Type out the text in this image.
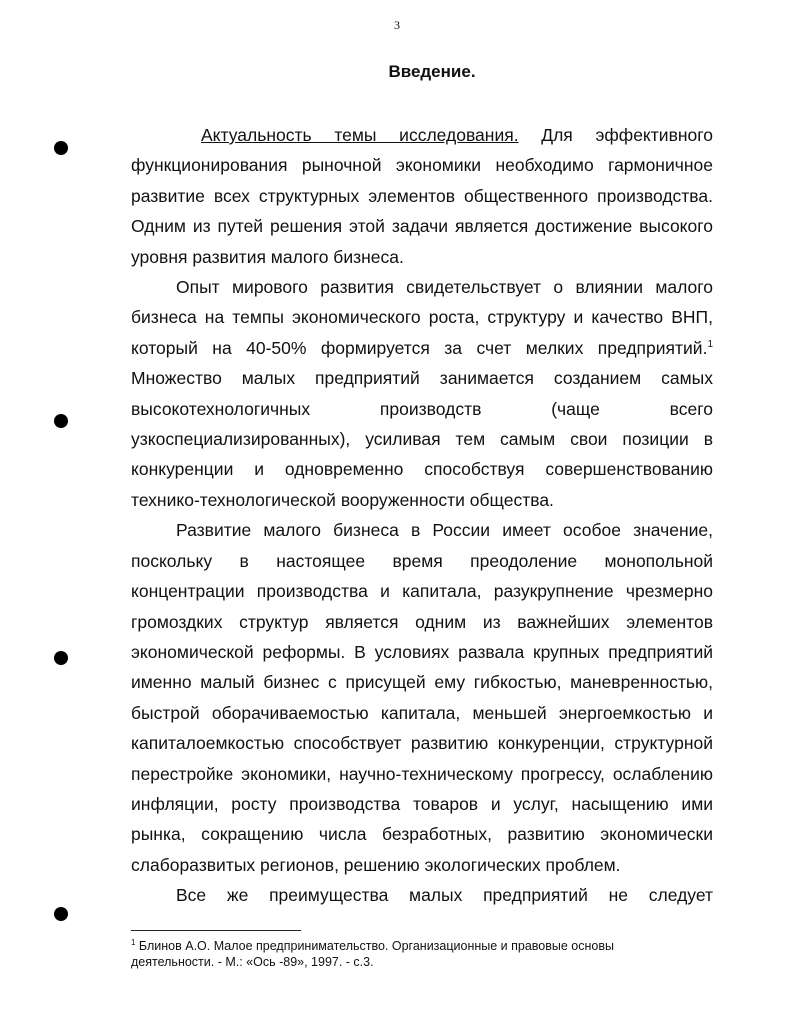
3
Введение.

Актуальность темы исследования. Для эффективного функционирования рыночной экономики необходимо гармоничное развитие всех структурных элементов общественного производства. Одним из путей решения этой задачи является достижение высокого уровня развития малого бизнеса.

Опыт мирового развития свидетельствует о влиянии малого бизнеса на темпы экономического роста, структуру и качество ВНП, который на 40-50% формируется за счет мелких предприятий.$^1$ Множество малых предприятий занимается созданием самых высокотехнологичных производств (чаще всего узкоспециализированных), усиливая тем самым свои позиции в конкуренции и одновременно способствуя совершенствованию технико-технологической вооруженности общества.

Развитие малого бизнеса в России имеет особое значение, поскольку в настоящее время преодоление монопольной концентрации производства и капитала, разукрупнение чрезмерно громоздких структур является одним из важнейших элементов экономической реформы. В условиях развала крупных предприятий именно малый бизнес с присущей ему гибкостью, маневренностью, быстрой оборачиваемостью капитала, меньшей энергоемкостью и капиталоемкостью способствует развитию конкуренции, структурной перестройке экономики, научно-техническому прогрессу, ослаблению инфляции, росту производства товаров и услуг, насыщению ими рынка, сокращению числа безработных, развитию экономически слаборазвитых регионов, решению экологических проблем.

Все же преимущества малых предприятий не следует

$^1$ Блинов А.О. Малое предпринимательство. Организационные и правовые основы деятельности. - М.: «Ось -89», 1997. - с.3.
